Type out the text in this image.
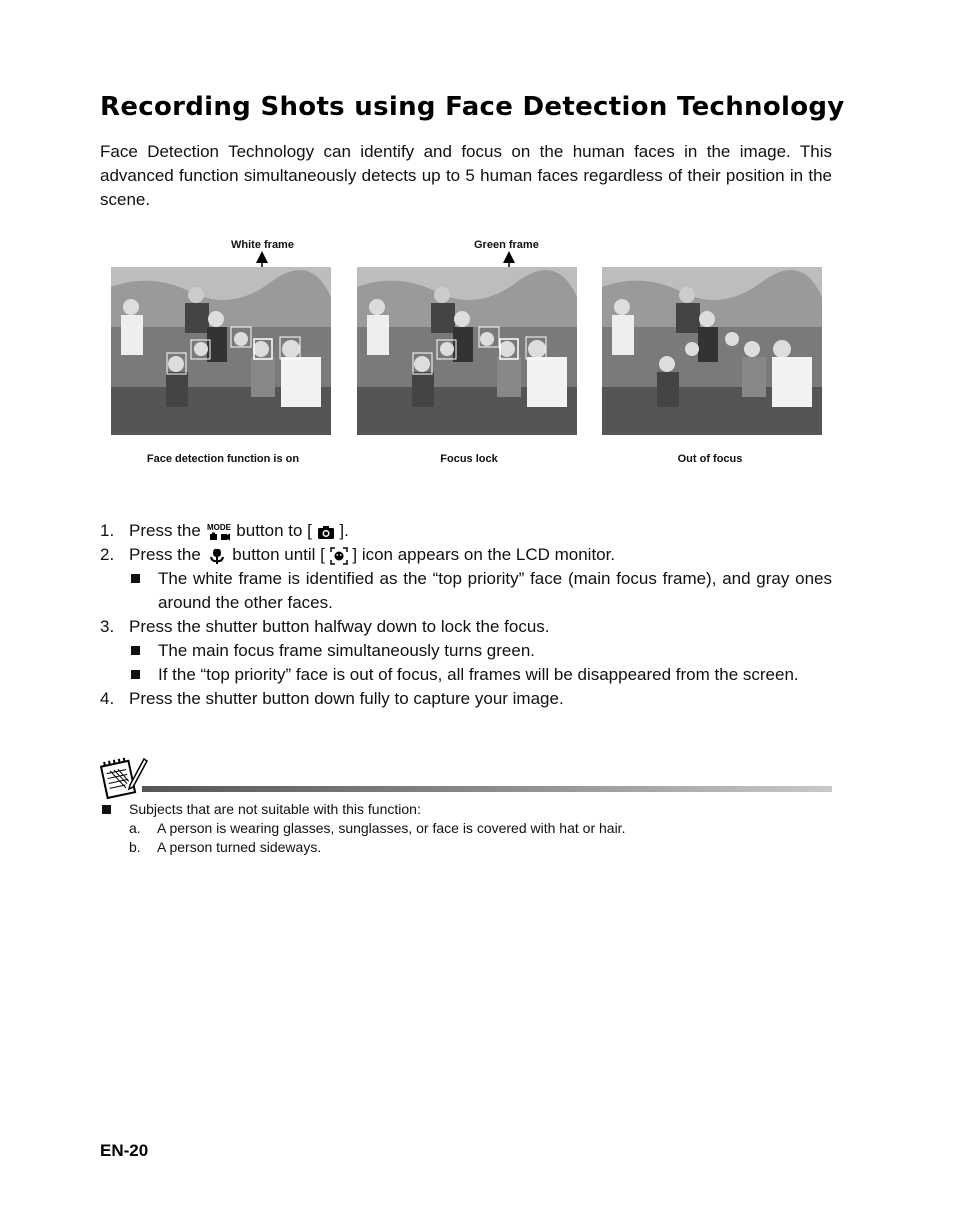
Recording Shots using Face Detection Technology
Face Detection Technology can identify and focus on the human faces in the image. This advanced function simultaneously detects up to 5 human faces regardless of their position in the scene.
White frame	Green frame
Face detection function is on	Focus lock	Out of focus
1. Press the MODE button to [ ].
2. Press the button until [ ] icon appears on the LCD monitor.
The white frame is identified as the “top priority” face (main focus frame), and gray ones around the other faces.
3. Press the shutter button halfway down to lock the focus.
The main focus frame simultaneously turns green.
If the “top priority” face is out of focus, all frames will be disappeared from the screen.
4. Press the shutter button down fully to capture your image.
Subjects that are not suitable with this function:
a.	A person is wearing glasses, sunglasses, or face is covered with hat or hair.
b.	A person turned sideways.
EN-20
